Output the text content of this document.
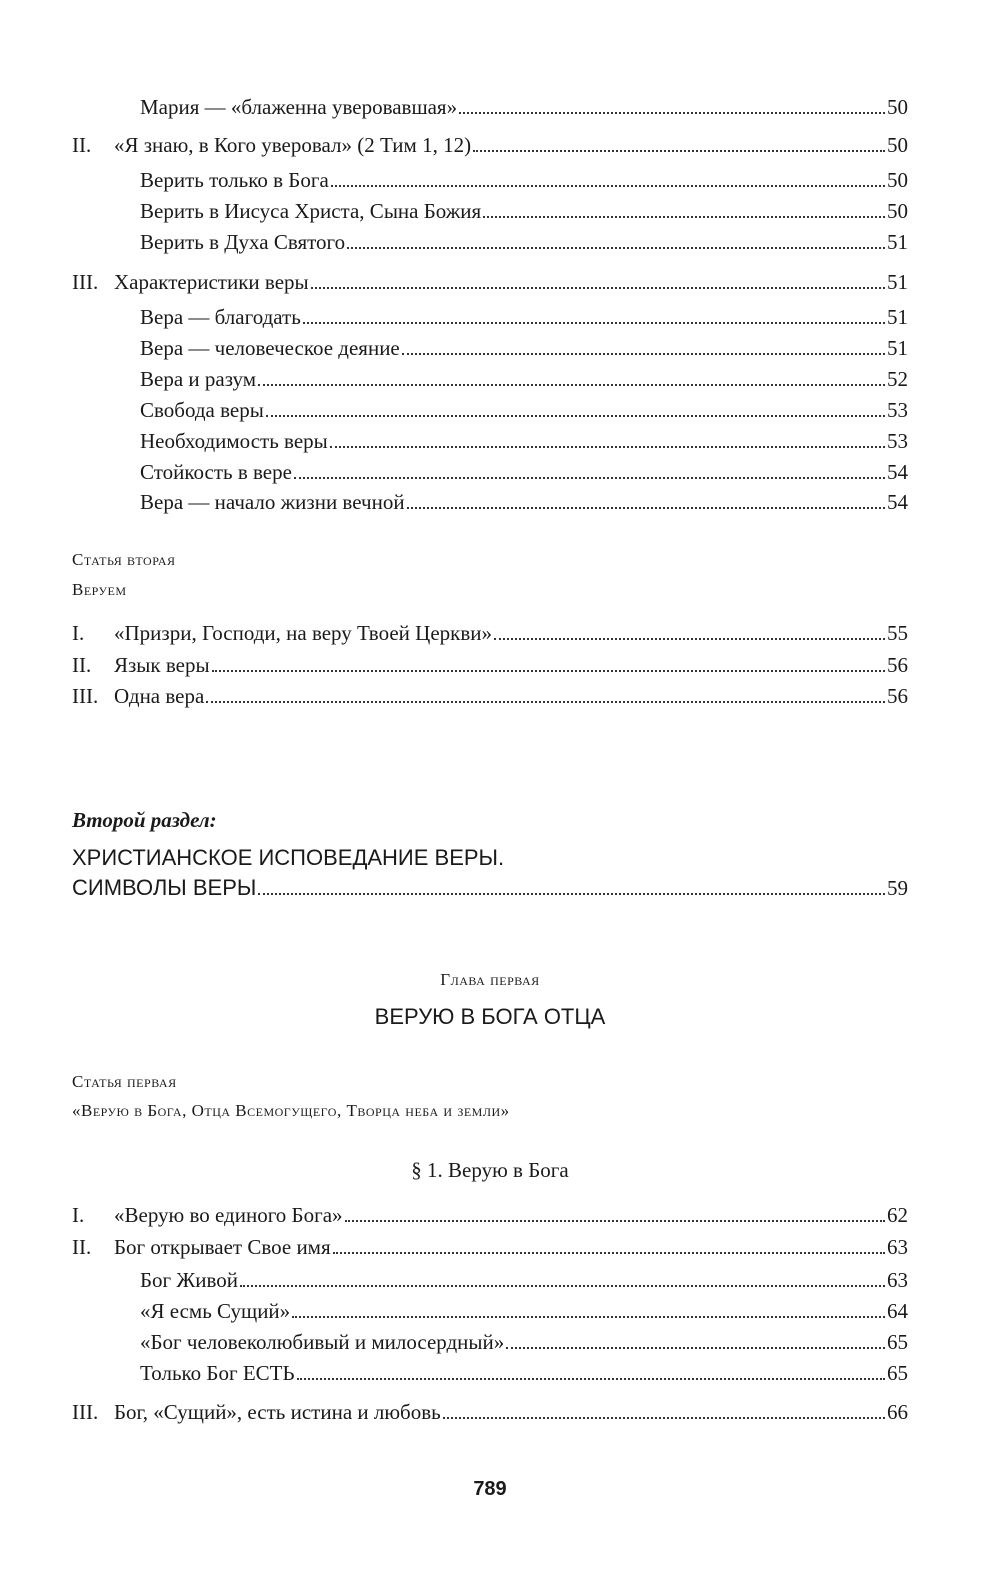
Мария — «блаженна уверовавшая»	50
II.	«Я знаю, в Кого уверовал» (2 Тим 1, 12)	50
Верить только в Бога	50
Верить в Иисуса Христа, Сына Божия	50
Верить в Духа Святого	51
III. Характеристики веры	51
Вера — благодать	51
Вера — человеческое деяние	51
Вера и разум	52
Свобода веры	53
Необходимость веры	53
Стойкость в вере	54
Вера — начало жизни вечной	54
Статья вторая
Веруем
I.	«Призри, Господи, на веру Твоей Церкви»	55
II.	Язык веры	56
III. Одна вера	56
Второй раздел:
ХРИСТИАНСКОЕ ИСПОВЕДАНИЕ ВЕРЫ.
СИМВОЛЫ ВЕРЫ	59
Глава первая
ВЕРУЮ В БОГА ОТЦА
Статья первая
«Верую в Бога, Отца Всемогущего, Творца неба и земли»
§ 1. Верую в Бога
I.	«Верую во единого Бога»	62
II.	Бог открывает Свое имя	63
Бог Живой	63
«Я есмь Сущий»	64
«Бог человеколюбивый и милосердный»	65
Только Бог ЕСТЬ	65
III. Бог, «Сущий», есть истина и любовь	66
789
